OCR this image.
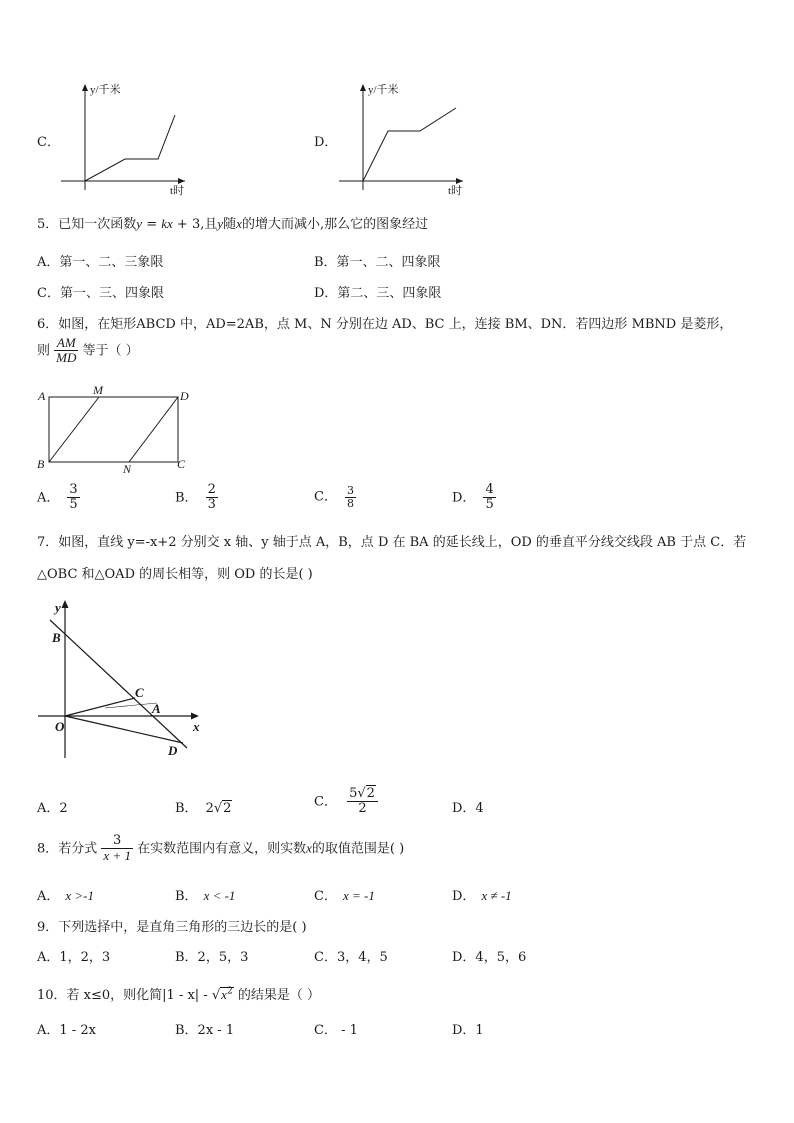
C．
y/千米
t时
D．
y/千米
t时
5．已知一次函数y = kx + 3,且y随x的增大而减小,那么它的图象经过
A．第一、二、三象限	B．第一、二、四象限
C．第一、三、四象限	D．第二、三、四象限
6．如图，在矩形ABCD 中，AD=2AB，点 M、N 分别在边 AD、BC 上，连接 BM、DN．若四边形 MBND 是菱形，
则 $\frac{AM}{MD}$ 等于（ ）
A	M	D
B	N	C
A． $\frac{3}{5}$	B． $\frac{2}{3}$	C． $\frac{3}{8}$	D． $\frac{4}{5}$
7．如图，直线 y=-x+2 分别交 x 轴、y 轴于点 A，B，点 D 在 BA 的延长线上，OD 的垂直平分线交线段 AB 于点 C．若
△OBC 和△OAD 的周长相等，则 OD 的长是( )
y
x
B
C
A
O
D
A．2	B． 2√2	C． $\frac{5√2}{2}$	D．4
8．若分式 $\frac{3}{x + 1}$ 在实数范围内有意义，则实数x的取值范围是( )
A． x >-1	B． x < -1	C． x = -1	D． x ≠ -1
9．下列选择中，是直角三角形的三边长的是( )
A．1，2，3	B．2，5，3	C．3，4，5	D．4，5，6
10．若 x≤0，则化简$|1 - x| - √x^2$ 的结果是（ ）
A．1 - 2x	B．2x - 1	C． - 1	D．1
